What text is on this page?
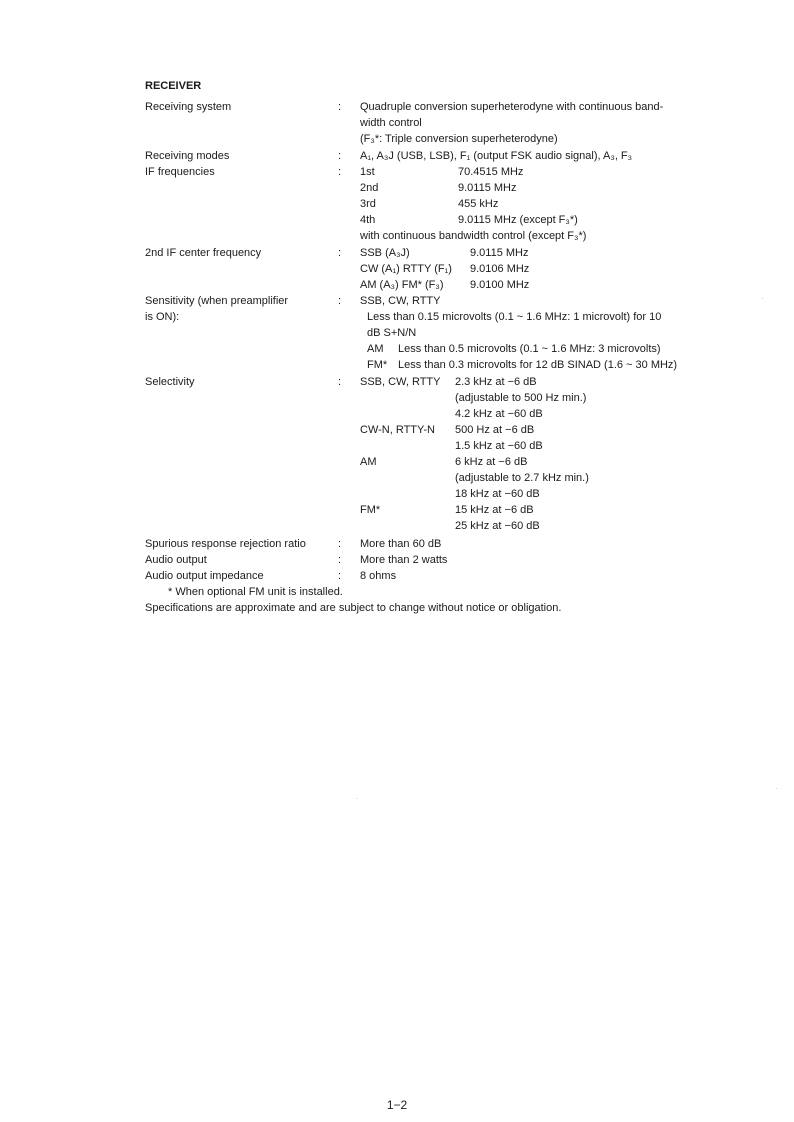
RECEIVER
Receiving system	: Quadruple conversion superheterodyne with continuous band-
width control
(F₃*: Triple conversion superheterodyne)
Receiving modes	: A₁, A₃J (USB, LSB), F₁ (output FSK audio signal), A₃, F₃
IF frequencies	: 1st	70.4515 MHz
2nd	9.0115 MHz
3rd	455 kHz
4th	9.0115 MHz (except F₃*)
with continuous bandwidth control (except F₃*)
2nd IF center frequency	: SSB (A₃J)	9.0115 MHz
CW (A₁) RTTY (F₁) 9.0106 MHz
AM (A₃) FM* (F₃) 9.0100 MHz
Sensitivity (when preamplifier
is ON):
: SSB, CW, RTTY
Less than 0.15 microvolts (0.1 ~ 1.6 MHz: 1 microvolt) for 10
dB S+N/N
AM Less than 0.5 microvolts (0.1 ~ 1.6 MHz: 3 microvolts)
FM* Less than 0.3 microvolts for 12 dB SINAD (1.6 ~ 30 MHz)
Selectivity	: SSB, CW, RTTY 2.3 kHz at −6 dB
(adjustable to 500 Hz min.)
4.2 kHz at −60 dB
CW-N, RTTY-N 500 Hz at −6 dB
1.5 kHz at −60 dB
AM	6 kHz at −6 dB
(adjustable to 2.7 kHz min.)
18 kHz at −60 dB
FM*	15 kHz at −6 dB
25 kHz at −60 dB
Spurious response rejection ratio	: More than 60 dB
Audio output	: More than 2 watts
Audio output impedance	: 8 ohms
* When optional FM unit is installed.
Specifications are approximate and are subject to change without notice or obligation.
1−2
